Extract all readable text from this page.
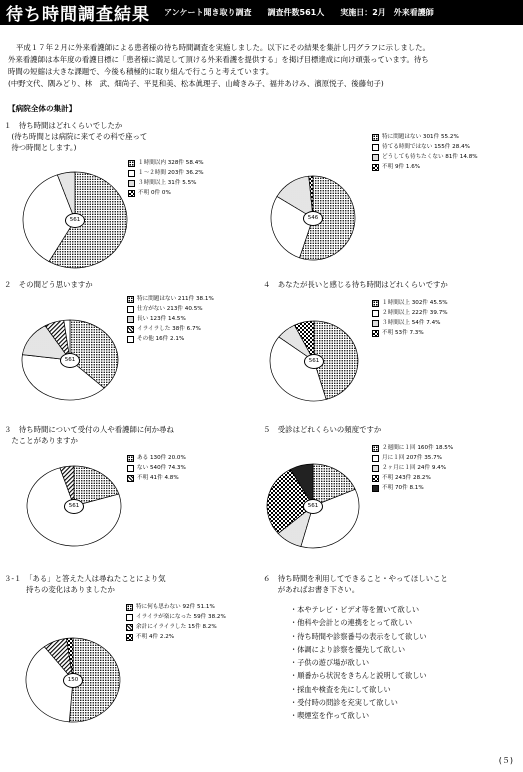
待ち時間調査結果 アンケート聞き取り調査　　調査件数561人　　実施日：2月　外来看護師

平成１７年２月に外来看護師による患者様の待ち時間調査を実施しました。以下にその結果を集計し円グラフに示しました。

外来看護師は本年度の看護目標に「患者様に満足して頂ける外来看護を提供する」を掲げ目標達成に向け頑張っています。待ち

時間の短縮は大きな課題で、今後も積極的に取り組んで行こうと考えています。

(中野文代、隅みどり、林　武、畑尚子、平見和美、松本眞理子、山崎きみ子、福井あけみ、濱原悦子、後藤旬子)

【病院全体の集計】
１　待ち時間はどれくらいでしたか
　(待ち時間とは病院に来てその科で座って
　待つ時間とします。)
２　その間どう思いますか
３　待ち時間について受付の人や看護師に何か尋ね
　たことがありますか
３-１　「ある」と答えた人は尋ねたことにより気
　　　持ちの変化はありましたか
４　あなたが長いと感じる待ち時間はどれくらいですか
５　受診はどれくらいの頻度ですか
６　待ち時間を利用してできること・やってほしいこと
　　があればお書き下さい。
561
１時間以内 328件 58.4%
１～２時間 203件 36.2%
３時間以上 31件 5.5%
不明 0件 0%
546
特に問題はない 301件 55.2%
待てる時間ではない 155件 28.4%
どうしても待ちたくない 81件 14.8%
不明 9件 1.6%
561
特に問題はない 211件 38.1%
仕方がない 213件 40.5%
長い 123件 14.5%
イライラした 38件 6.7%
その他 16件 2.1%
561
１時間以上 302件 45.5%
２時間以上 222件 39.7%
３時間以上 54件 7.4%
不明 53件 7.3%
561
ある 130件 20.0%
ない 540件 74.3%
不明 41件 4.8%
561
２週間に１回 160件 18.5%
月に１回 207件 35.7%
２ヶ月に１回 24件 9.4%
不明 243件 28.2%
不明 70件 8.1%
150
特に何も思わない 92件 51.1%
イライラが楽になった 59件 38.2%
余計にイライラした 15件 8.2%
不明 4件 2.2%
・本やテレビ・ビデオ等を置いて欲しい
・他科や会計との連携をとって欲しい
・待ち時間や診察番号の表示をして欲しい
・体調により診察を優先して欲しい
・子供の遊び場が欲しい
・順番から状況をきちんと説明して欲しい
・採血や検査を先にして欲しい
・受付時の問診を充実して欲しい
・喫煙室を作って欲しい
(５)
